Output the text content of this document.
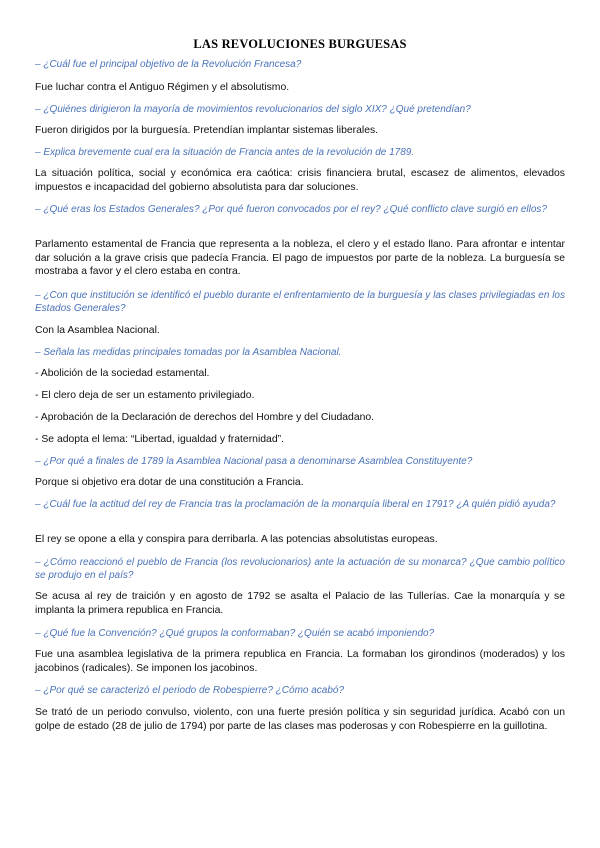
LAS REVOLUCIONES BURGUESAS
– ¿Cuál fue el principal objetivo de la Revolución Francesa?
Fue luchar contra el Antiguo Régimen y el absolutismo.
– ¿Quiénes dirigieron la mayoría de movimientos revolucionarios del siglo XIX? ¿Qué pretendían?
Fueron dirigidos por la burguesía. Pretendían implantar sistemas liberales.
– Explica brevemente cual era la situación de Francia antes de la revolución de 1789.
La situación política, social y económica era caótica: crisis financiera brutal, escasez de alimentos, elevados impuestos e incapacidad del gobierno absolutista para dar soluciones.
– ¿Qué eras los Estados Generales? ¿Por qué fueron convocados por el rey? ¿Qué conflicto clave surgió en ellos?
Parlamento estamental de Francia que representa a la nobleza, el clero y el estado llano. Para afrontar e intentar dar solución a la grave crisis que padecía Francia. El pago de impuestos por parte de la nobleza. La burguesía se mostraba a favor y el clero estaba en contra.
– ¿Con que institución se identificó el pueblo durante el enfrentamiento de la burguesía y las clases privilegiadas en los Estados Generales?
Con la Asamblea Nacional.
– Señala las medidas principales tomadas por la Asamblea Nacional.
- Abolición de la sociedad estamental.
- El clero deja de ser un estamento privilegiado.
- Aprobación de la Declaración de derechos del Hombre y del Ciudadano.
- Se adopta el lema: “Libertad, igualdad y fraternidad”.
– ¿Por qué a finales de 1789 la Asamblea Nacional pasa a denominarse Asamblea Constituyente?
Porque si objetivo era dotar de una constitución a Francia.
– ¿Cuál fue la actitud del rey de Francia tras la proclamación de la monarquía liberal en 1791? ¿A quién pidió ayuda?
El rey se opone a ella y conspira para derribarla. A las potencias absolutistas europeas.
– ¿Cómo reaccionó el pueblo de Francia (los revolucionarios) ante la actuación de su monarca? ¿Que cambio político se produjo en el país?
Se acusa al rey de traición y en agosto de 1792 se asalta el Palacio de las Tullerías. Cae la monarquía y se implanta la primera republica en Francia.
– ¿Qué fue la Convención? ¿Qué grupos la conformaban? ¿Quién se acabó imponiendo?
Fue una asamblea legislativa de la primera republica en Francia. La formaban los girondinos (moderados) y los jacobinos (radicales). Se imponen los jacobinos.
– ¿Por qué se caracterizó el periodo de Robespierre? ¿Cómo acabó?
Se trató de un periodo convulso, violento, con una fuerte presión política y sin seguridad jurídica. Acabó con un golpe de estado (28 de julio de 1794) por parte de las clases mas poderosas y con Robespierre en la guillotina.
